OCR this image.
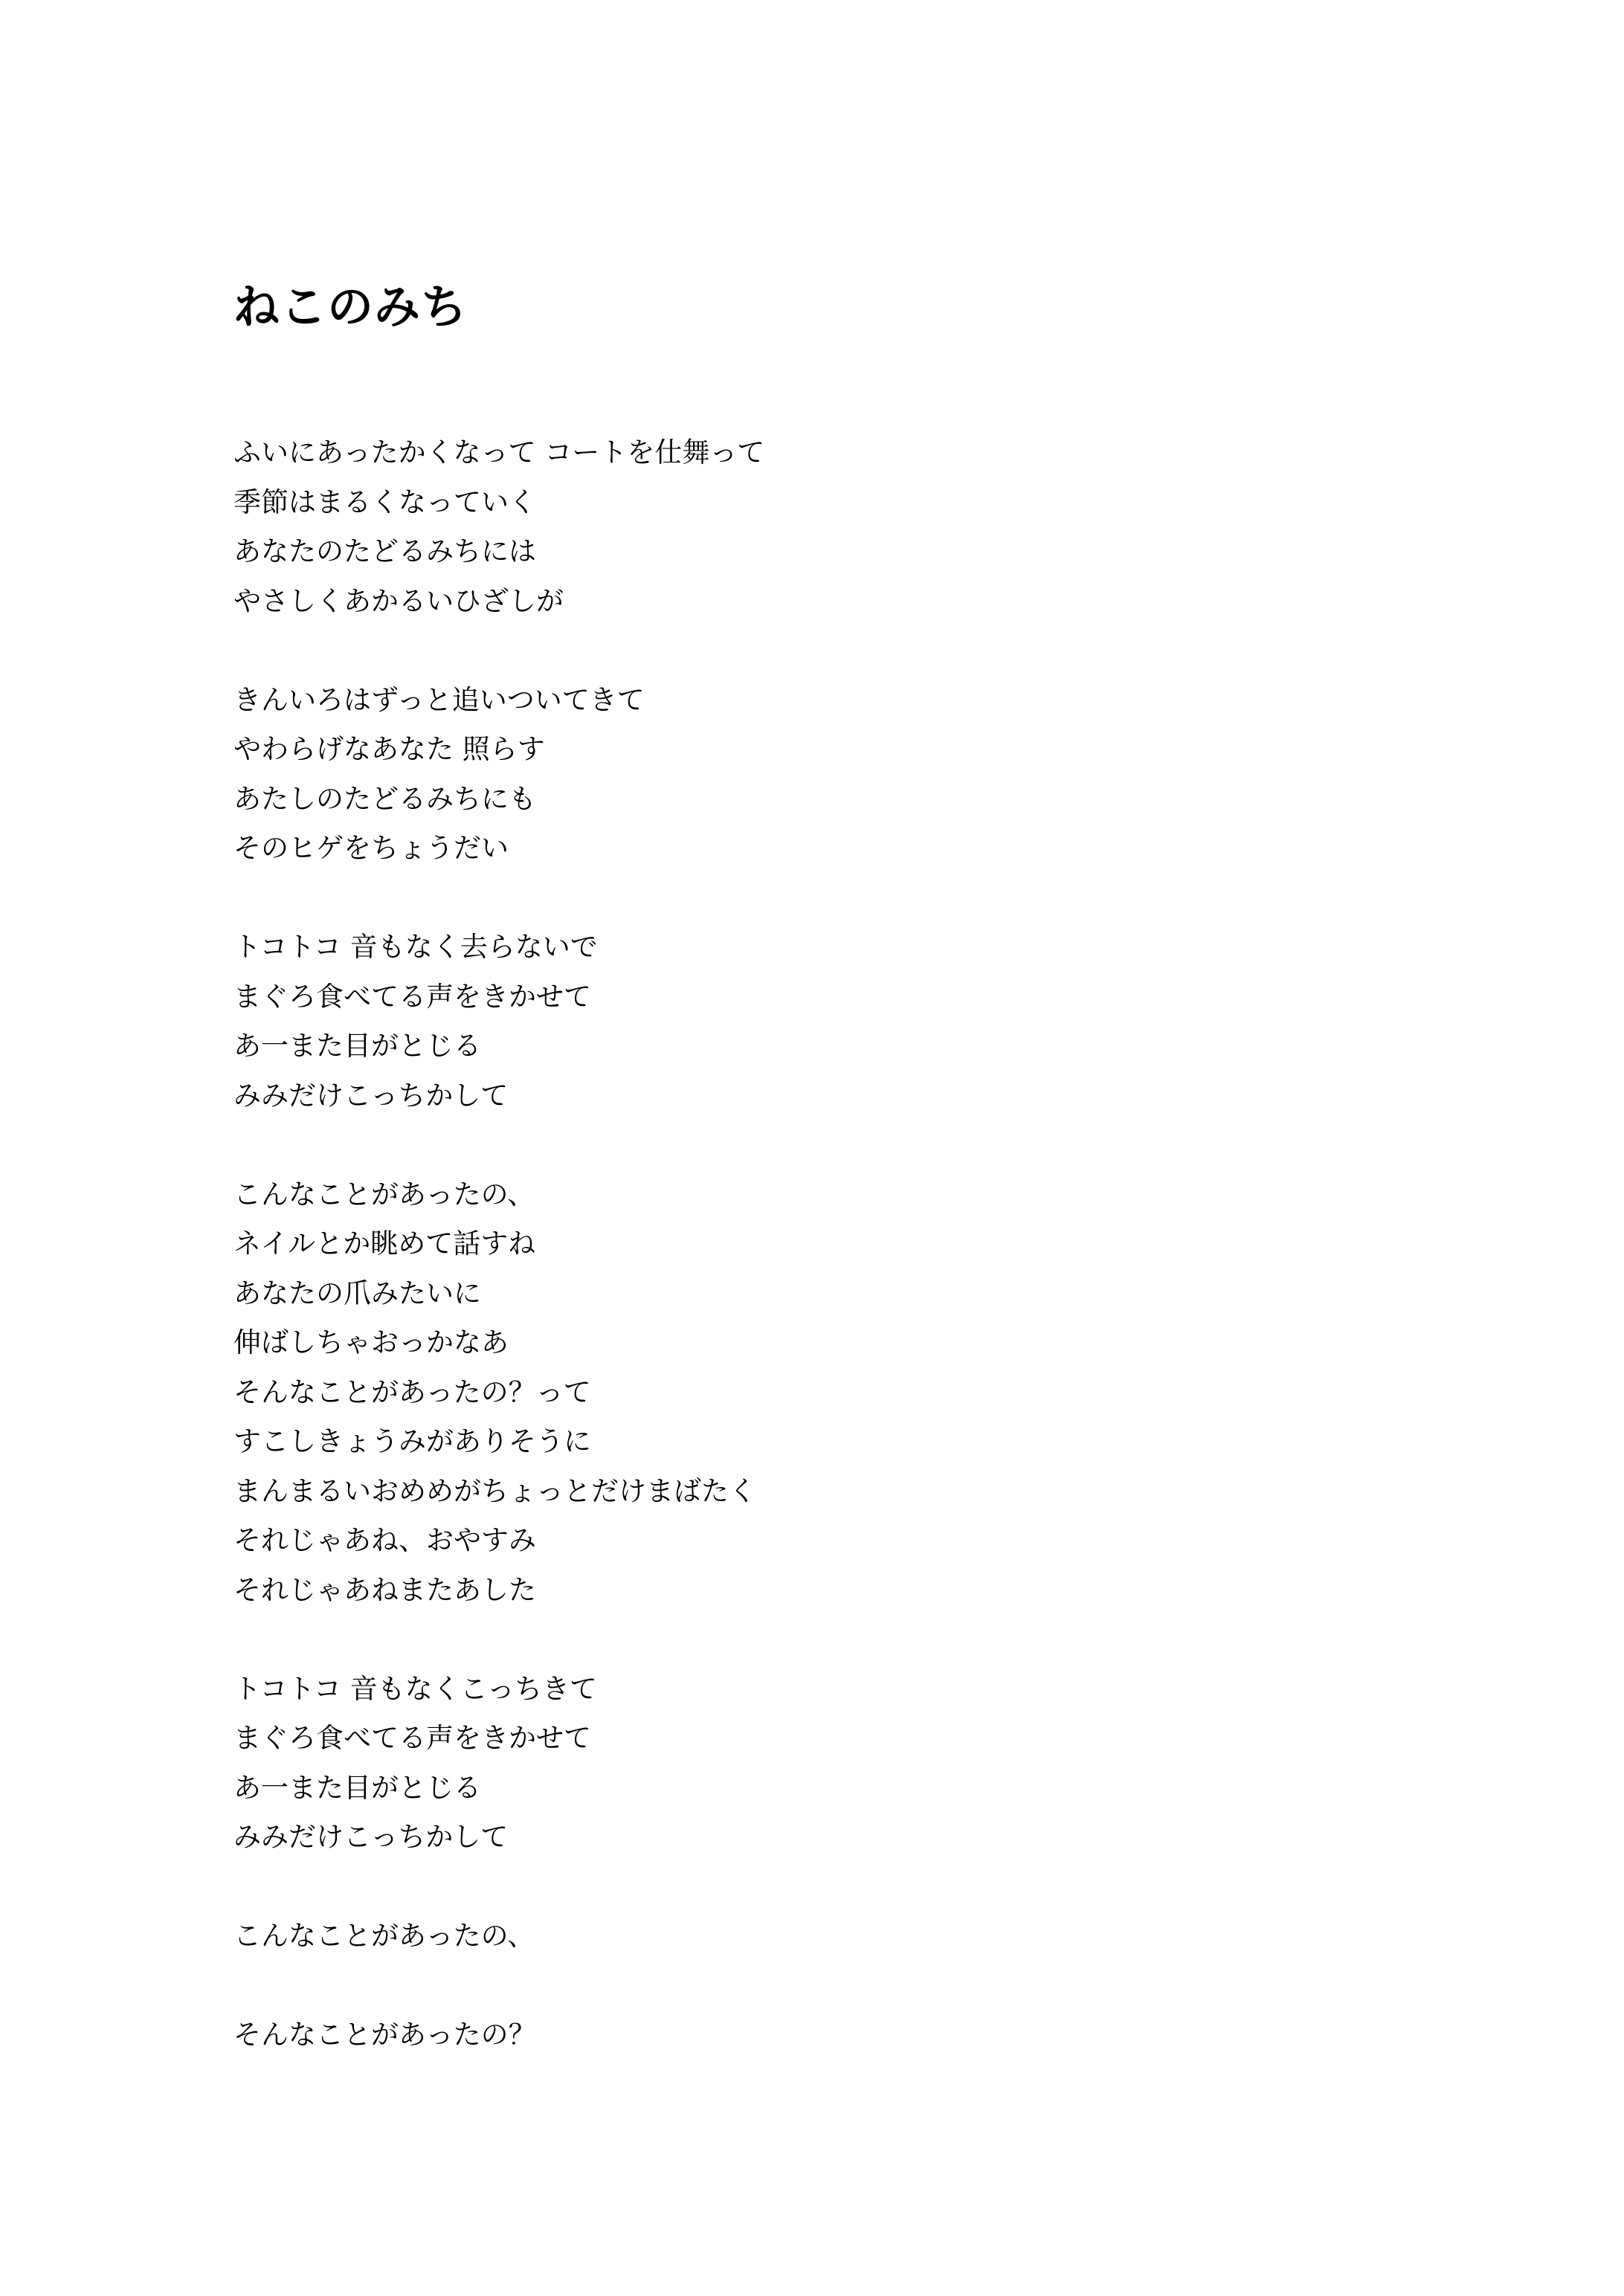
ねこのみち
ふいにあったかくなって コートを仕舞って
季節はまるくなっていく
あなたのたどるみちには
やさしくあかるいひざしが
きんいろはずっと追いついてきて
やわらげなあなた 照らす
あたしのたどるみちにも
そのヒゲをちょうだい
トコトコ 音もなく去らないで
まぐろ食べてる声をきかせて
あ一また目がとじる
みみだけこっちかして
こんなことがあったの、
ネイルとか眺めて話すね
あなたの爪みたいに
伸ばしちゃおっかなあ
そんなことがあったの？って
すこしきょうみがありそうに
まんまるいおめめがちょっとだけまばたく
それじゃあね、おやすみ
それじゃあねまたあした
トコトコ 音もなくこっちきて
まぐろ食べてる声をきかせて
あ一また目がとじる
みみだけこっちかして
こんなことがあったの、
そんなことがあったの？
